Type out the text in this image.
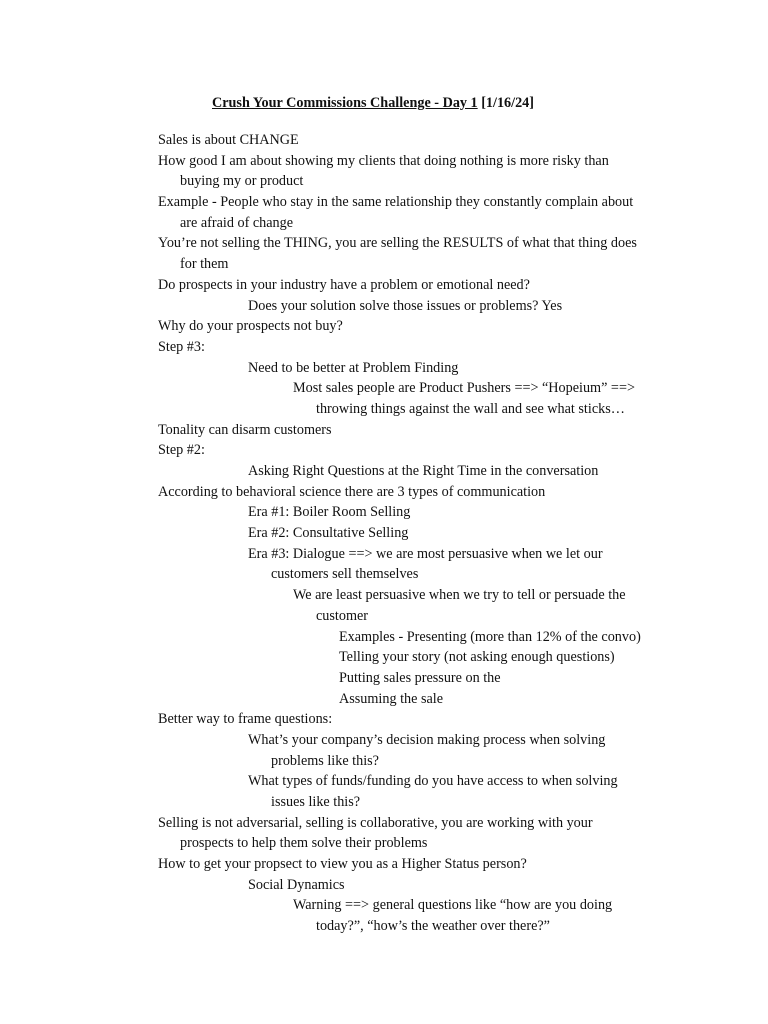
Crush Your Commissions Challenge - Day 1 [1/16/24]
Sales is about CHANGE
How good I am about showing my clients that doing nothing is more risky than
buying my or product
Example - People who stay in the same relationship they constantly complain about
are afraid of change
You’re not selling the THING, you are selling the RESULTS of what that thing does
for them
Do prospects in your industry have a problem or emotional need?
Does your solution solve those issues or problems? Yes
Why do your prospects not buy?
Step #3:
Need to be better at Problem Finding
Most sales people are Product Pushers ==> “Hopeium” ==>
throwing things against the wall and see what sticks…
Tonality can disarm customers
Step #2:
Asking Right Questions at the Right Time in the conversation
According to behavioral science there are 3 types of communication
Era #1: Boiler Room Selling
Era #2: Consultative Selling
Era #3: Dialogue ==> we are most persuasive when we let our
customers sell themselves
We are least persuasive when we try to tell or persuade the
customer
Examples - Presenting (more than 12% of the convo)
Telling your story (not asking enough questions)
Putting sales pressure on the
Assuming the sale
Better way to frame questions:
What’s your company’s decision making process when solving
problems like this?
What types of funds/funding do you have access to when solving
issues like this?
Selling is not adversarial, selling is collaborative, you are working with your
prospects to help them solve their problems
How to get your propsect to view you as a Higher Status person?
Social Dynamics
Warning ==> general questions like “how are you doing
today?”, “how’s the weather over there?”
